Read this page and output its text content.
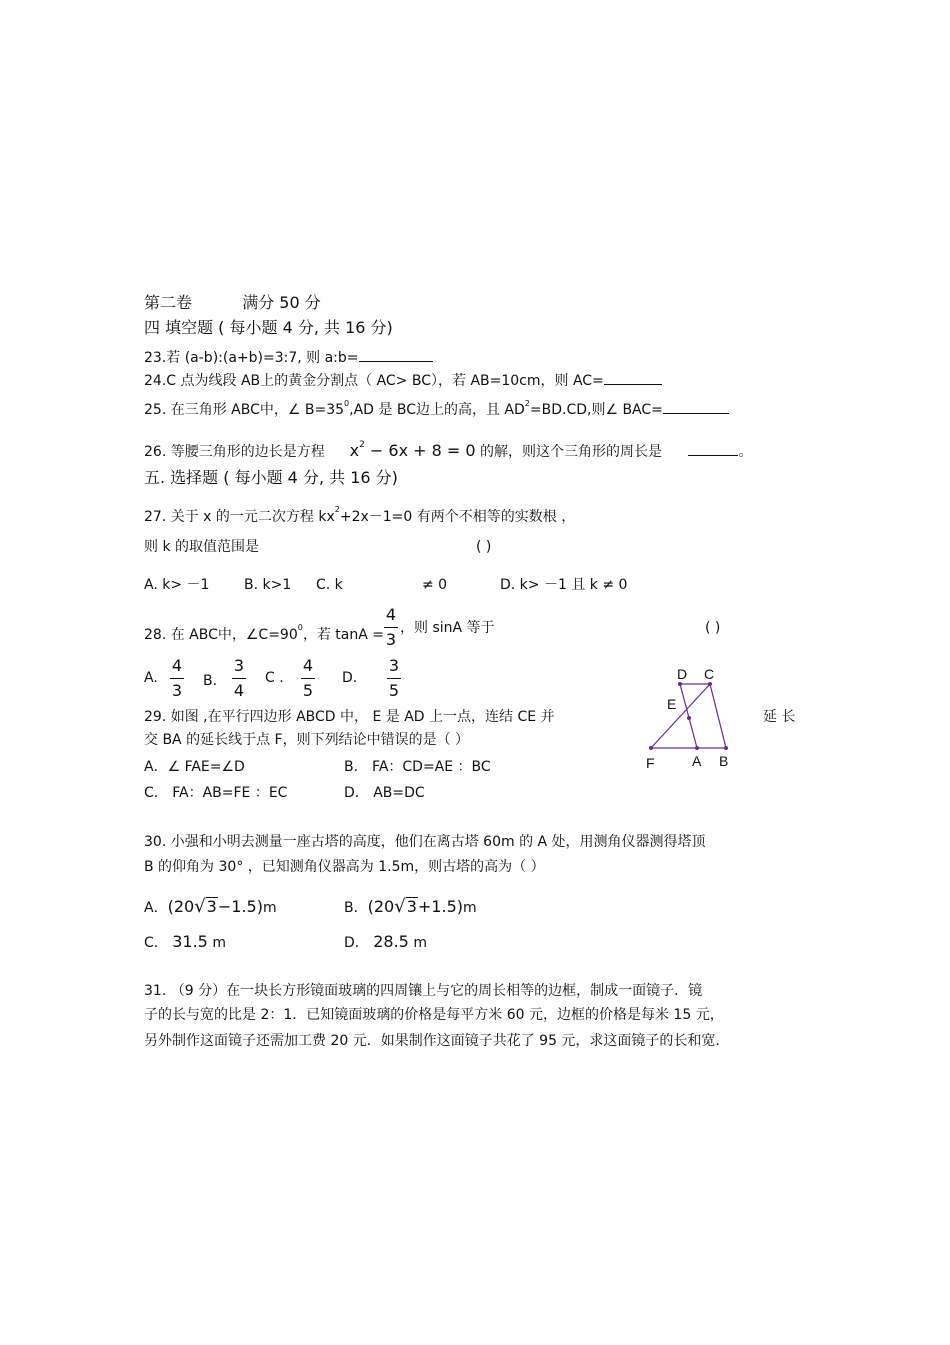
第二卷	满分 50 分
四 填空题 ( 每小题 4 分, 共 16 分)
23.若 (a-b):(a+b)=3:7, 则 a:b=
24.C 点为线段 AB上的黄金分割点（ AC> BC），若 AB=10cm，则 AC=
25. 在三角形 ABC中，∠ $B=35^0,AD$ 是 BC边上的高，且 $AD^2=BD.CD$,则∠ BAC=
26. 等腰三角形的边长是方程 $x^2 - 6x + 8 = 0$ 的解，则这个三角形的周长是	。
五. 选择题 ( 每小题 4 分, 共 16 分)
27. 关于 x 的一元二次方程 $kx^2+2x-1=0$ 有两个不相等的实数根 ，
则 k 的取值范围是	( )
A. k> －1 B. k>1 C. k	≠ 0	D. k> －1 且 k ≠ 0
28. 在 ABC中，$\angle C=90^0$，若 tanA =
4
3
，则 sinA 等于	( )
A.
4
3 B.
3
4
C .
4
5
D.
3
5
29. 如图 ,在平行四边形 ABCD 中， E 是 AD 上一点，连结 CE 并	延 长
交 BA 的延长线于点 F，则下列结论中错误的是（ ）
A．∠ FAE=∠D	B． FA：CD=AE ：BC
C． FA：AB=FE ：EC	D． AB=DC
D C
E
F	A B
30. 小强和小明去测量一座古塔的高度，他们在离古塔 60m 的 A 处，用测角仪器测得塔顶
B 的仰角为 30° ，已知测角仪器高为 1.5m，则古塔的高为（ ）
A．(20√3−1.5)m	B．(20√3+1.5)m
C． 31.5 m	D． 28.5 m
31. （9 分）在一块长方形镜面玻璃的四周镶上与它的周长相等的边框，制成一面镜子．镜
子的长与宽的比是 2：1．已知镜面玻璃的价格是每平方米 60 元，边框的价格是每米 15 元，
另外制作这面镜子还需加工费 20 元．如果制作这面镜子共花了 95 元，求这面镜子的长和宽．
